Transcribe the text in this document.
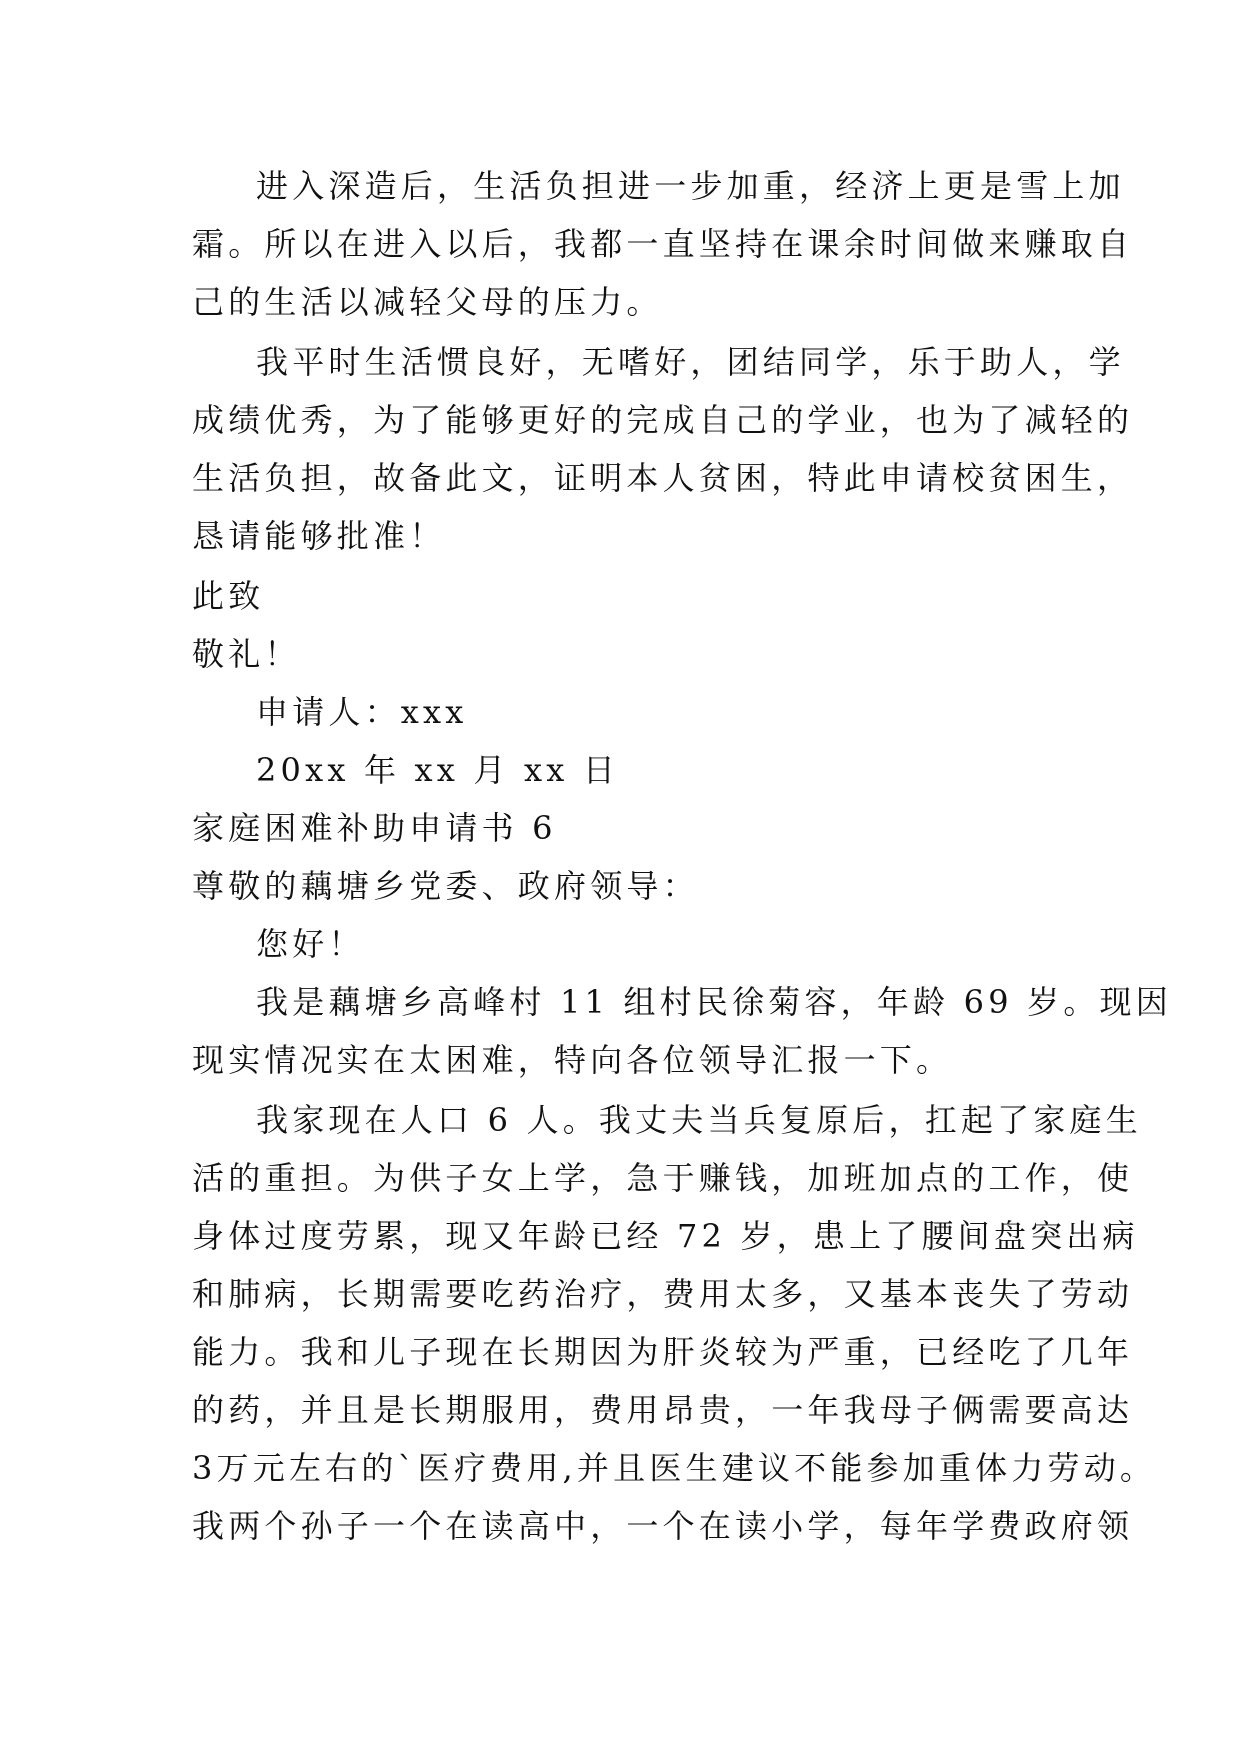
进入深造后，生活负担进一步加重，经济上更是雪上加
霜。所以在进入以后，我都一直坚持在课余时间做来赚取自
己的生活以减轻父母的压力。
我平时生活惯良好，无嗜好，团结同学，乐于助人，学
成绩优秀，为了能够更好的完成自己的学业，也为了减轻的
生活负担，故备此文，证明本人贫困，特此申请校贫困生，
恳请能够批准！
此致
敬礼！
申请人：xxx
20xx 年 xx 月 xx 日
家庭困难补助申请书 6
尊敬的藕塘乡党委、政府领导：
您好！
我是藕塘乡高峰村 11 组村民徐菊容，年龄 69 岁。现因
现实情况实在太困难，特向各位领导汇报一下。
我家现在人口 6 人。我丈夫当兵复原后，扛起了家庭生
活的重担。为供子女上学，急于赚钱，加班加点的工作，使
身体过度劳累，现又年龄已经 72 岁，患上了腰间盘突出病
和肺病，长期需要吃药治疗，费用太多，又基本丧失了劳动
能力。我和儿子现在长期因为肝炎较为严重，已经吃了几年
的药，并且是长期服用，费用昂贵，一年我母子俩需要高达
3万元左右的`医疗费用,并且医生建议不能参加重体力劳动。
我两个孙子一个在读高中，一个在读小学，每年学费政府领
